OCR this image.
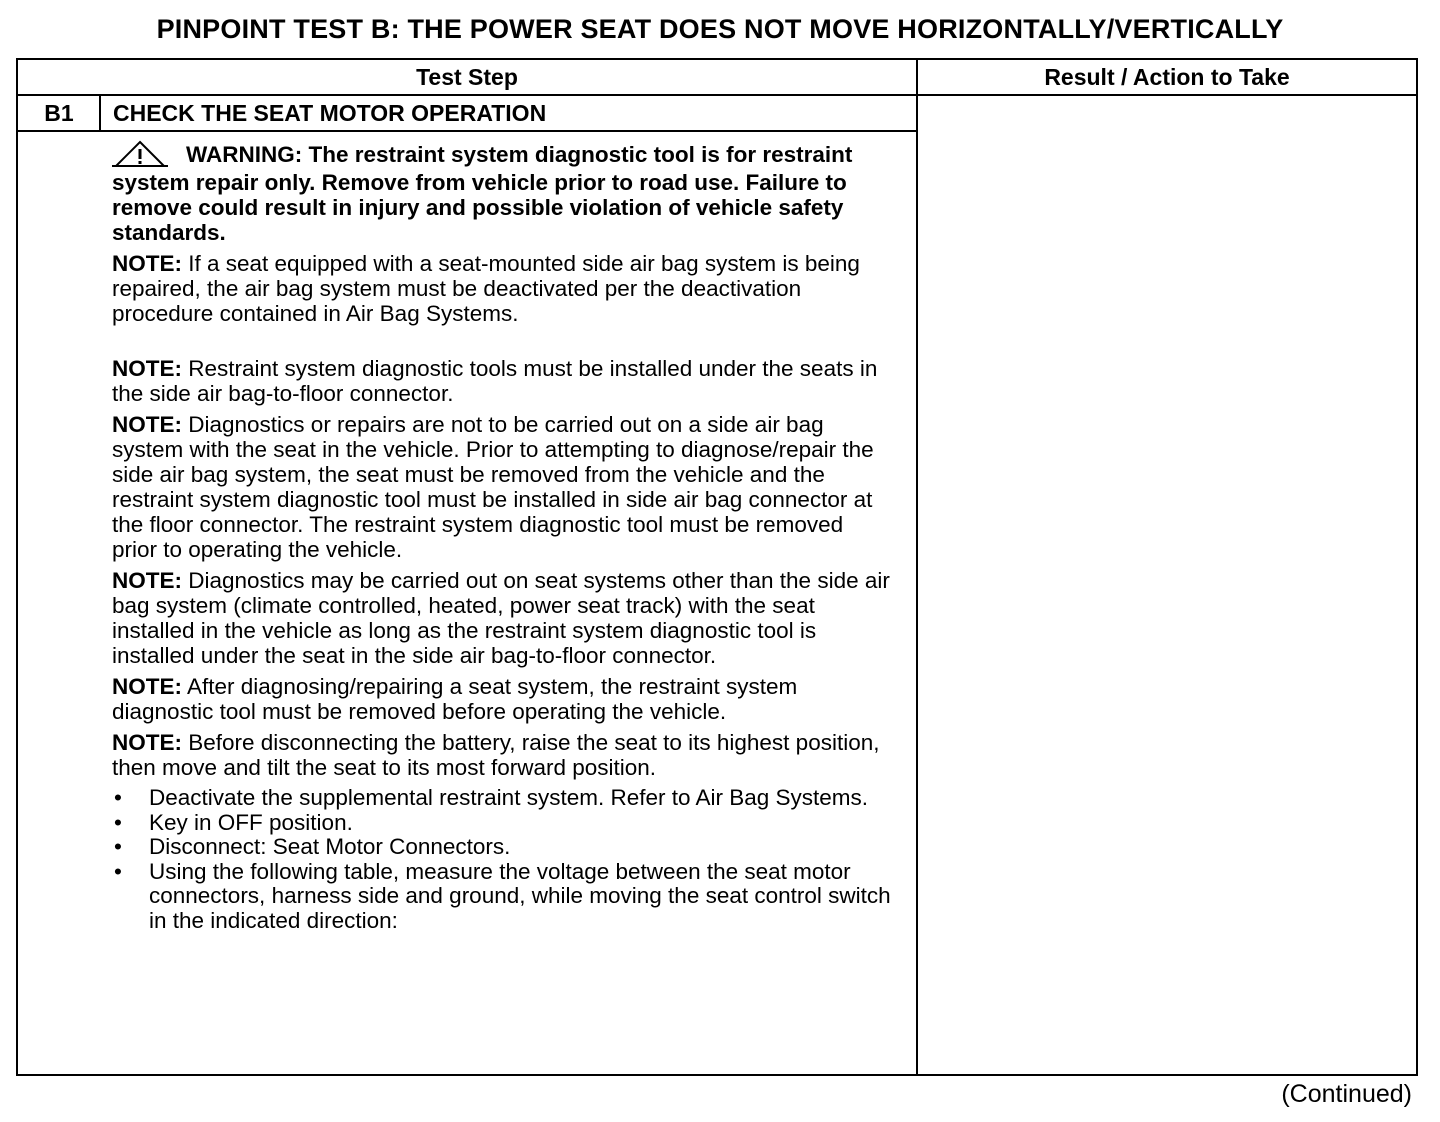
PINPOINT TEST B: THE POWER SEAT DOES NOT MOVE HORIZONTALLY/VERTICALLY
Test Step	Result / Action to Take
B1	CHECK THE SEAT MOTOR OPERATION
WARNING: The restraint system diagnostic tool is for restraint system repair only. Remove from vehicle prior to road use. Failure to remove could result in injury and possible violation of vehicle safety standards.
NOTE: If a seat equipped with a seat-mounted side air bag system is being repaired, the air bag system must be deactivated per the deactivation procedure contained in Air Bag Systems.
NOTE: Restraint system diagnostic tools must be installed under the seats in the side air bag-to-floor connector.
NOTE: Diagnostics or repairs are not to be carried out on a side air bag system with the seat in the vehicle. Prior to attempting to diagnose/repair the side air bag system, the seat must be removed from the vehicle and the restraint system diagnostic tool must be installed in side air bag connector at the floor connector. The restraint system diagnostic tool must be removed prior to operating the vehicle.
NOTE: Diagnostics may be carried out on seat systems other than the side air bag system (climate controlled, heated, power seat track) with the seat installed in the vehicle as long as the restraint system diagnostic tool is installed under the seat in the side air bag-to-floor connector.
NOTE: After diagnosing/repairing a seat system, the restraint system diagnostic tool must be removed before operating the vehicle.
NOTE: Before disconnecting the battery, raise the seat to its highest position, then move and tilt the seat to its most forward position.
• Deactivate the supplemental restraint system. Refer to Air Bag Systems.
• Key in OFF position.
• Disconnect: Seat Motor Connectors.
• Using the following table, measure the voltage between the seat motor connectors, harness side and ground, while moving the seat control switch in the indicated direction:
(Continued)
